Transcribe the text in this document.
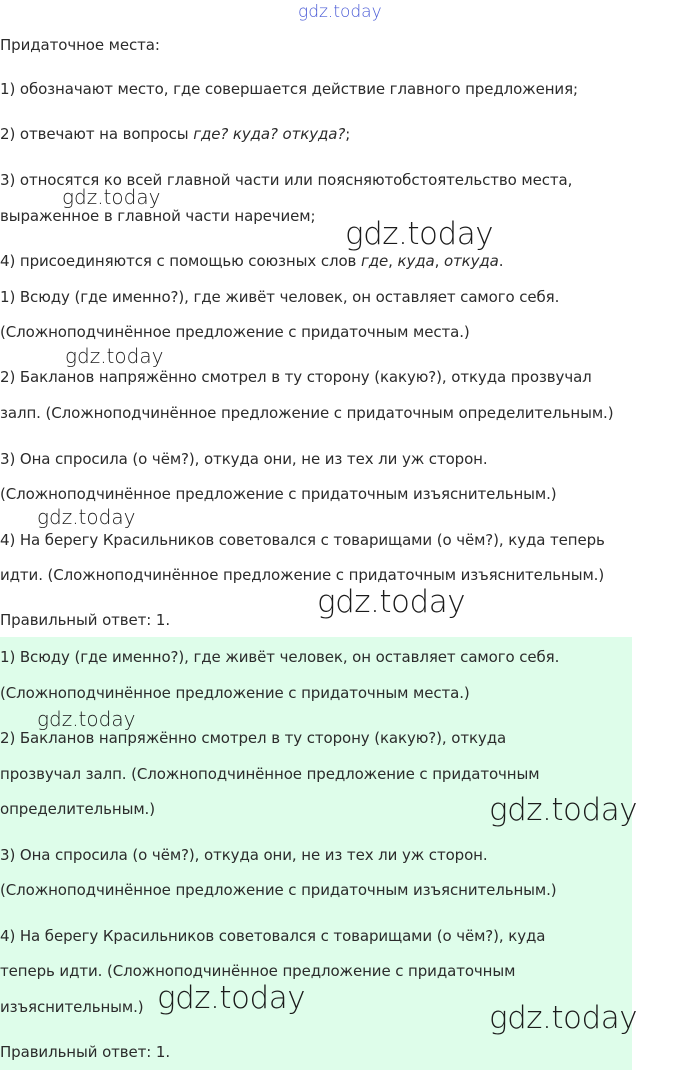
gdz.today
Придаточное места:
1) обозначают место, где совершается действие главного предложения;
2) отвечают на вопросы где? куда? откуда?;
3) относятся ко всей главной части или поясняютобстоятельство места,
выраженное в главной части наречием;
4) присоединяются с помощью союзных слов где, куда, откуда.
1) Всюду (где именно?), где живёт человек, он оставляет самого себя.
(Сложноподчинённое предложение с придаточным места.)
2) Бакланов напряжённо смотрел в ту сторону (какую?), откуда прозвучал
залп. (Сложноподчинённое предложение с придаточным определительным.)
3) Она спросила (о чём?), откуда они, не из тех ли уж сторон.
(Сложноподчинённое предложение с придаточным изъяснительным.)
4) На берегу Красильников советовался с товарищами (о чём?), куда теперь
идти. (Сложноподчинённое предложение с придаточным изъяснительным.)
Правильный ответ: 1.
1) Всюду (где именно?), где живёт человек, он оставляет самого себя.
(Сложноподчинённое предложение с придаточным места.)
2) Бакланов напряжённо смотрел в ту сторону (какую?), откуда
прозвучал залп. (Сложноподчинённое предложение с придаточным
определительным.)
3) Она спросила (о чём?), откуда они, не из тех ли уж сторон.
(Сложноподчинённое предложение с придаточным изъяснительным.)
4) На берегу Красильников советовался с товарищами (о чём?), куда
теперь идти. (Сложноподчинённое предложение с придаточным
изъяснительным.)
Правильный ответ: 1.
gdz.today
gdz.today
gdz.today
gdz.today
gdz.today
gdz.today
gdz.today
gdz.today
gdz.today
